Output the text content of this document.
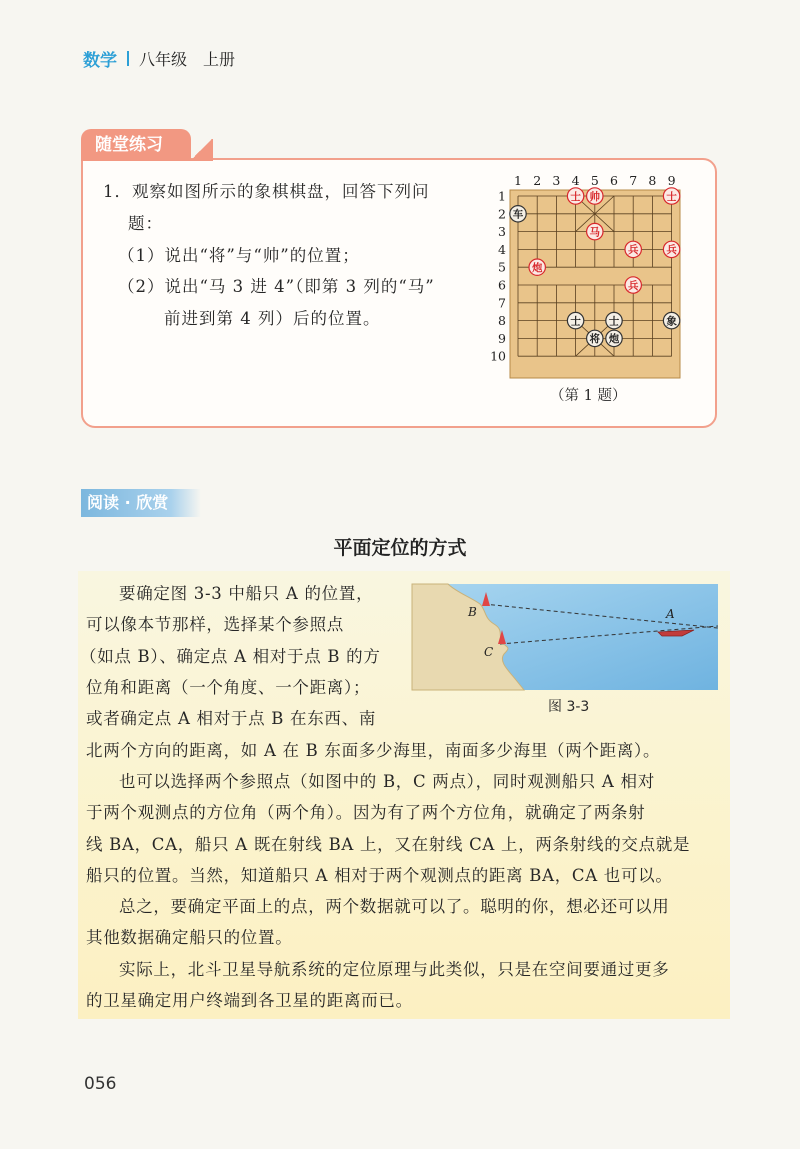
数学 八年级　上册
随堂练习
1．观察如图所示的象棋棋盘，回答下列问
题：
（1）说出“将”与“帅”的位置；
（2）说出“马 3 进 4”（即第 3 列的“马”
前进到第 4 列）后的位置。
1 2 3 4 5 6 7 8 9
1
2
3
4
5
6
7
8
9
10
车
士 帅	士
马
兵	兵
炮
兵
士	士	象
将 炮
（第 1 题）
阅读 · 欣赏
平面定位的方式
要确定图 3-3 中船只 A 的位置，
可以像本节那样，选择某个参照点
（如点 B）、确定点 A 相对于点 B 的方
位角和距离（一个角度、一个距离）；
或者确定点 A 相对于点 B 在东西、南
北两个方向的距离，如 A 在 B 东面多少海里，南面多少海里（两个距离）。
也可以选择两个参照点（如图中的 B，C 两点），同时观测船只 A 相对
于两个观测点的方位角（两个角）。因为有了两个方位角，就确定了两条射
线 BA，CA，船只 A 既在射线 BA 上，又在射线 CA 上，两条射线的交点就是
船只的位置。当然，知道船只 A 相对于两个观测点的距离 BA，CA 也可以。
总之，要确定平面上的点，两个数据就可以了。聪明的你，想必还可以用
其他数据确定船只的位置。
实际上，北斗卫星导航系统的定位原理与此类似，只是在空间要通过更多
的卫星确定用户终端到各卫星的距离而已。
B
C
A
图 3-3
056
